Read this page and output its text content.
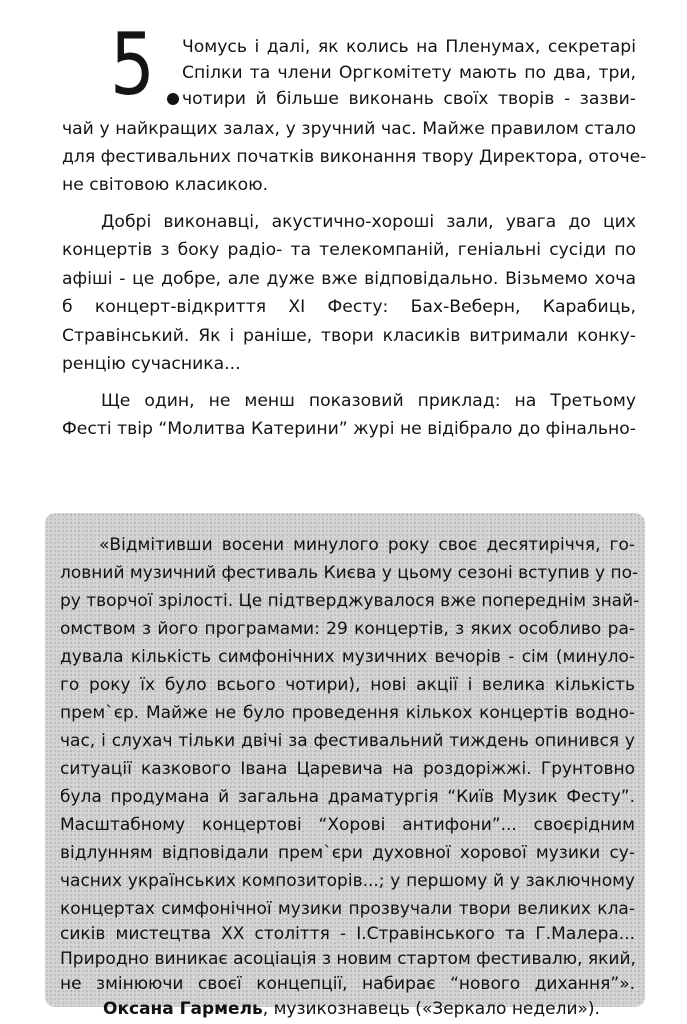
5 Чомусь і далі, як колись на Пленумах, секретарі
Спілки та члени Оргкомітету мають по два, три,
чотири й більше виконань своїх творів - зазви-
чай у найкращих залах, у зручний час. Майже правилом стало
для фестивальних початків виконання твору Директора, оточе-
не світовою класикою.
Добрі виконавці, акустично-хороші зали, увага до цих
концертів з боку радіо- та телекомпаній, геніальні сусіди по
афіші - це добре, але дуже вже відповідально. Візьмемо хоча
б концерт-відкриття XI Фесту: Бах-Веберн, Карабиць,
Стравінський. Як і раніше, твори класиків витримали конку-
ренцію сучасника...
Ще один, не менш показовий приклад: на Третьому
Фесті твір “Молитва Катерини” журі не відібрало до фінально-
«Відмітивши восени минулого року своє десятиріччя, го-
ловний музичний фестиваль Києва у цьому сезоні вступив у по-
ру творчої зрілості. Це підтверджувалося вже попереднім знай-
омством з його програмами: 29 концертів, з яких особливо ра-
дувала кількість симфонічних музичних вечорів - сім (минуло-
го року їх було всього чотири), нові акції і велика кількість
прем`єр. Майже не було проведення кількох концертів водно-
час, і слухач тільки двічі за фестивальний тиждень опинився у
ситуації казкового Івана Царевича на роздоріжжі. Грунтовно
була продумана й загальна драматургія “Київ Музик Фесту”.
Масштабному концертові “Хорові антифони”... своєрідним
відлунням відповідали прем`єри духовної хорової музики су-
часних українських композиторів...; у першому й у заключному
концертах симфонічної музики прозвучали твори великих кла-
сиків мистецтва XX століття - І.Стравінського та Г.Малера...
Природно виникає асоціація з новим стартом фестивалю, який,
не змінюючи своєї концепції, набирає “нового дихання”».
Оксана Гармель, музикознавець («Зеркало недели»).
